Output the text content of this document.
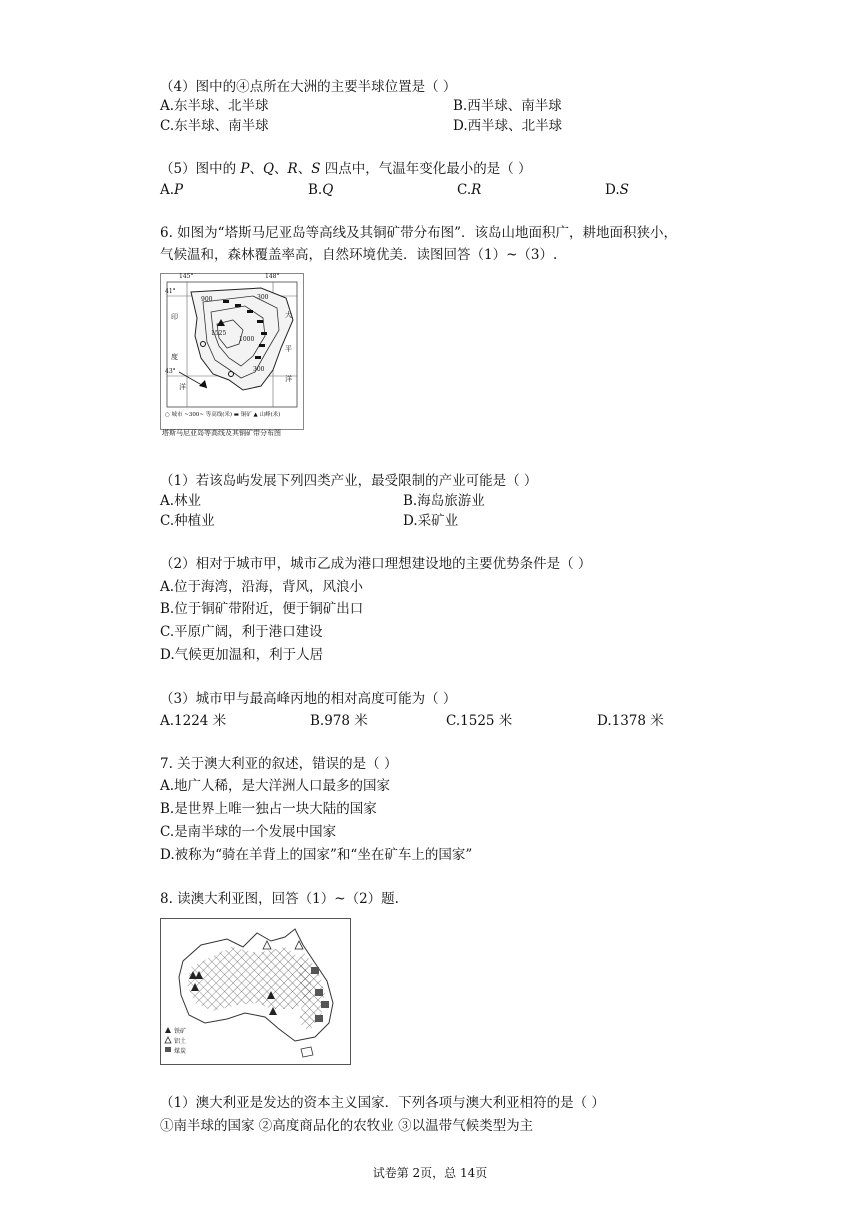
（4）图中的④点所在大洲的主要半球位置是（ ）
A.东半球、北半球	B.西半球、南半球
C.东半球、南半球	D.西半球、北半球
（5）图中的 𝑃、𝑄、𝑅、𝑆 四点中，气温年变化最小的是（ ）
A.𝑃	B.𝑄	C.𝑅	D.𝑆
6. 如图为“塔斯马尼亚岛等高线及其铜矿带分布图”．该岛山地面积广，耕地面积狭小，
气候温和，森林覆盖率高，自然环境优美．读图回答（1）~（3）.
145°	148°
41°
43°
300
900
1525
1000
300
印
度
洋
大
平
洋
○ 城市 ~300~ 等高线(米) ▬ 铜矿 ▲ 山峰(米)
塔斯马尼亚岛等高线及其铜矿带分布图
（1）若该岛屿发展下列四类产业，最受限制的产业可能是（ ）
A.林业	B.海岛旅游业
C.种植业	D.采矿业
（2）相对于城市甲，城市乙成为港口理想建设地的主要优势条件是（ ）
A.位于海湾，沿海，背风，风浪小
B.位于铜矿带附近，便于铜矿出口
C.平原广阔，利于港口建设
D.气候更加温和，利于人居
（3）城市甲与最高峰丙地的相对高度可能为（ ）
A.1224 米	B.978 米	C.1525 米	D.1378 米
7. 关于澳大利亚的叙述，错误的是（ ）
A.地广人稀，是大洋洲人口最多的国家
B.是世界上唯一独占一块大陆的国家
C.是南半球的一个发展中国家
D.被称为“骑在羊背上的国家”和“坐在矿车上的国家”
8. 读澳大利亚图，回答（1）~（2）题.
铁矿
铝土
煤炭
（1）澳大利亚是发达的资本主义国家．下列各项与澳大利亚相符的是（ ）
①南半球的国家 ②高度商品化的农牧业 ③以温带气候类型为主
试卷第 2页，总 14页
